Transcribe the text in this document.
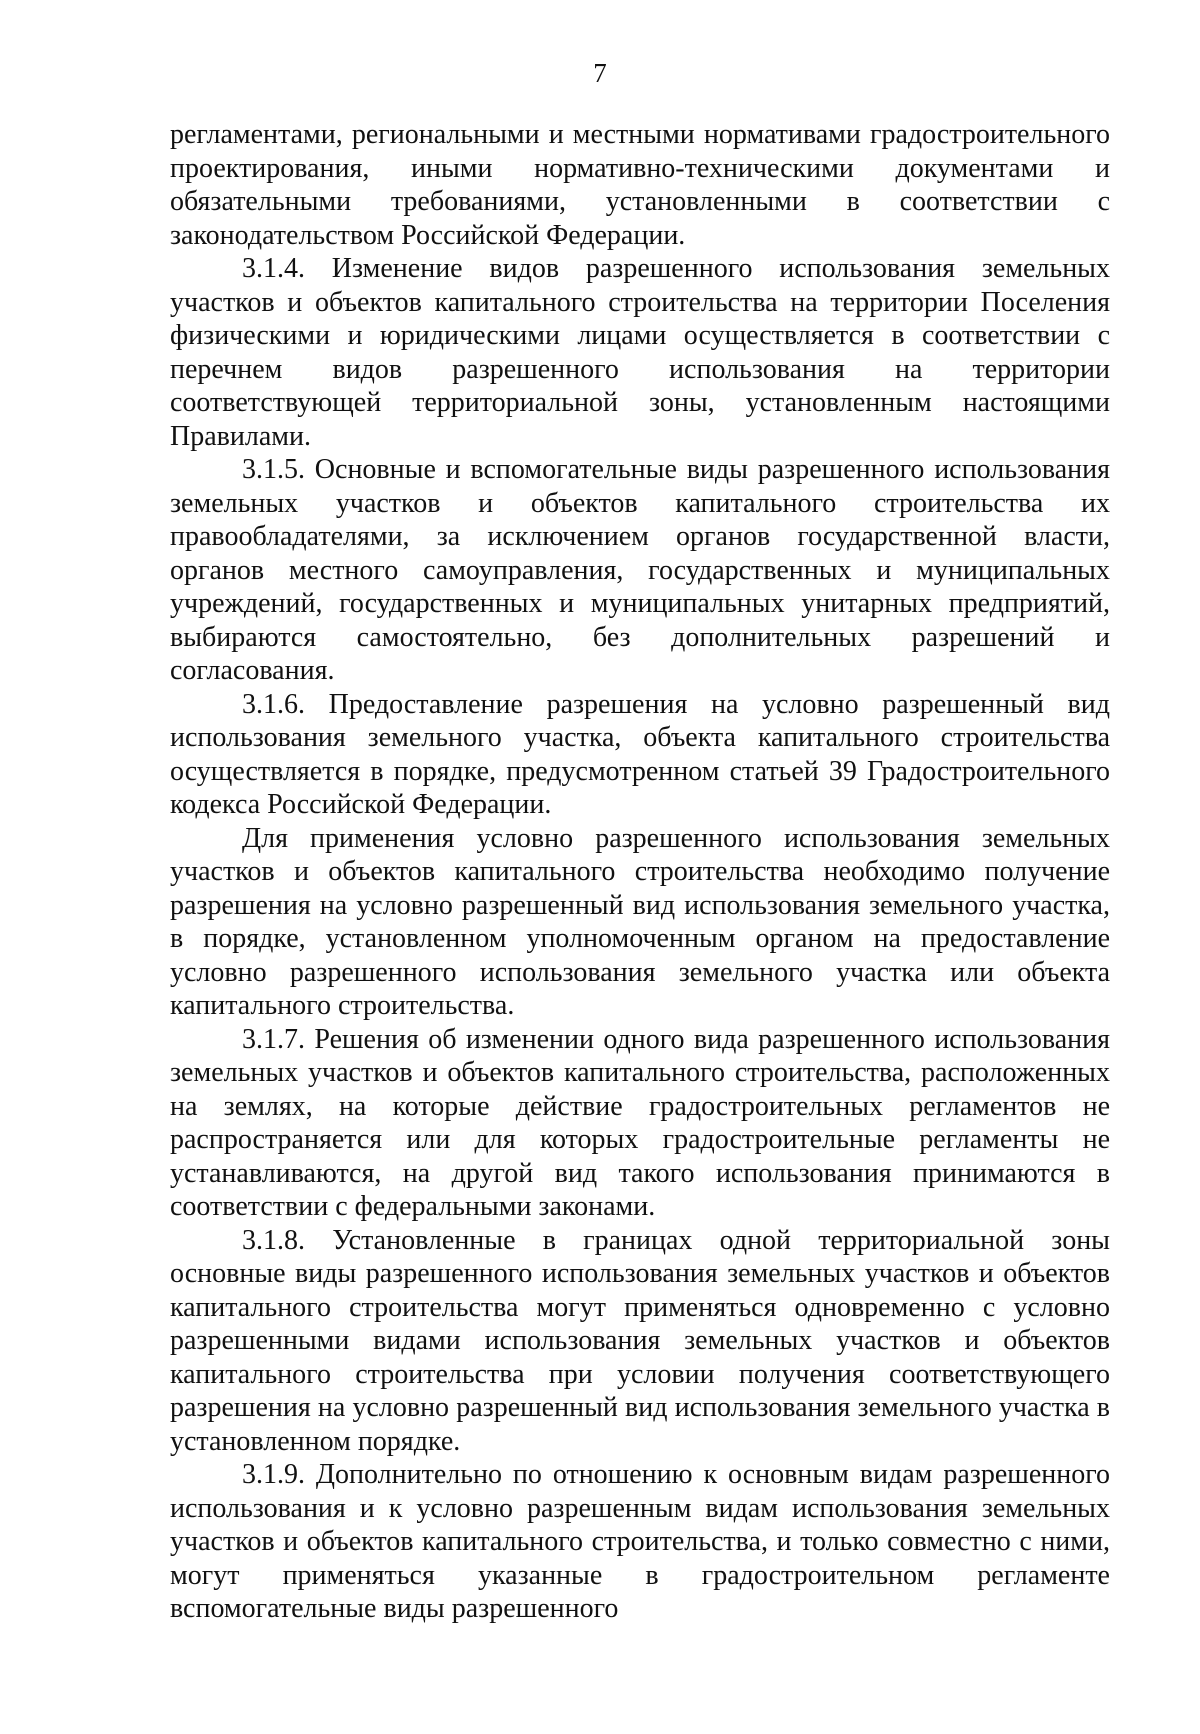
7

регламентами, региональными и местными нормативами градостроительного проектирования, иными нормативно-техническими документами и обязательными требованиями, установленными в соответствии с законодательством Российской Федерации.

3.1.4. Изменение видов разрешенного использования земельных участков и объектов капитального строительства на территории Поселения физическими и юридическими лицами осуществляется в соответствии с перечнем видов разрешенного использования на территории соответствующей территориальной зоны, установленным настоящими Правилами.

3.1.5. Основные и вспомогательные виды разрешенного использования земельных участков и объектов капитального строительства их правообладателями, за исключением органов государственной власти, органов местного самоуправления, государственных и муниципальных учреждений, государственных и муниципальных унитарных предприятий, выбираются самостоятельно, без дополнительных разрешений и согласования.

3.1.6. Предоставление разрешения на условно разрешенный вид использования земельного участка, объекта капитального строительства осуществляется в порядке, предусмотренном статьей 39 Градостроительного кодекса Российской Федерации.

Для применения условно разрешенного использования земельных участков и объектов капитального строительства необходимо получение разрешения на условно разрешенный вид использования земельного участка, в порядке, установленном уполномоченным органом на предоставление условно разрешенного использования земельного участка или объекта капитального строительства.

3.1.7. Решения об изменении одного вида разрешенного использования земельных участков и объектов капитального строительства, расположенных на землях, на которые действие градостроительных регламентов не распространяется или для которых градостроительные регламенты не устанавливаются, на другой вид такого использования принимаются в соответствии с федеральными законами.

3.1.8. Установленные в границах одной территориальной зоны основные виды разрешенного использования земельных участков и объектов капитального строительства могут применяться одновременно с условно разрешенными видами использования земельных участков и объектов капитального строительства при условии получения соответствующего разрешения на условно разрешенный вид использования земельного участка в установленном порядке.

3.1.9. Дополнительно по отношению к основным видам разрешенного использования и к условно разрешенным видам использования земельных участков и объектов капитального строительства, и только совместно с ними, могут применяться указанные в градостроительном регламенте вспомогательные виды разрешенного
